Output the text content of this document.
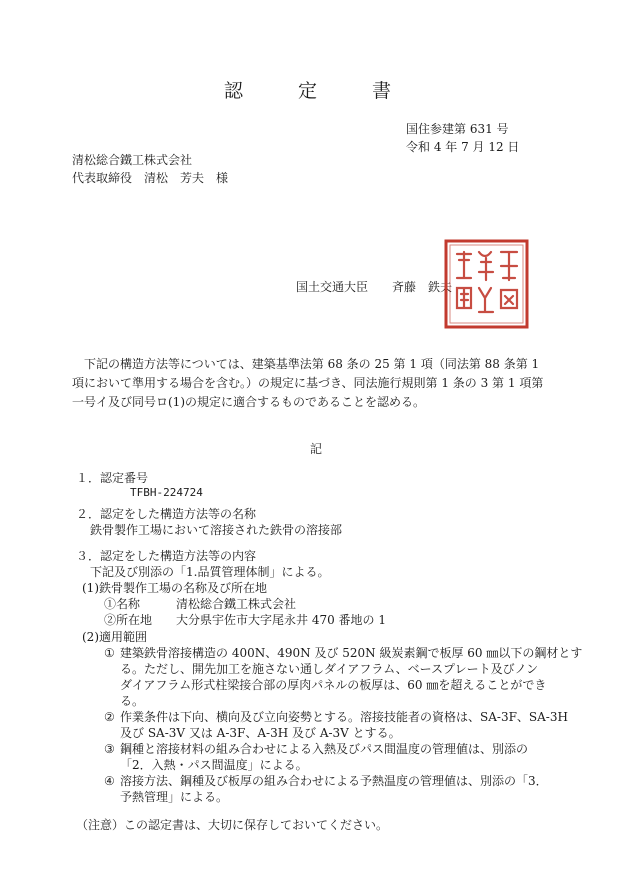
認　定　書
国住参建第 631 号
令和 4 年 7 月 12 日
清松総合鐵工株式会社
代表取締役　清松　芳夫　様
国土交通大臣　　斉藤　鉄夫
下記の構造方法等については、建築基準法第 68 条の 25 第 1 項（同法第 88 条第 1 項において準用する場合を含む。）の規定に基づき、同法施行規則第 1 条の 3 第 1 項第一号イ及び同号ロ(1)の規定に適合するものであることを認める。
記
１．認定番号
TFBH-224724
２．認定をした構造方法等の名称
鉄骨製作工場において溶接された鉄骨の溶接部
３．認定をした構造方法等の内容
下記及び別添の「1.品質管理体制」による。
(1)鉄骨製作工場の名称及び所在地
①名称	清松総合鐵工株式会社
②所在地 大分県宇佐市大字尾永井 470 番地の 1
(2)適用範囲
① 建築鉄骨溶接構造の 400N、490N 及び 520N 級炭素鋼で板厚 60 ㎜以下の鋼材とす
る。ただし、開先加工を施さない通しダイアフラム、ベースプレート及びノン
ダイアフラム形式柱梁接合部の厚肉パネルの板厚は、60 ㎜を超えることができ
る。
② 作業条件は下向、横向及び立向姿勢とする。溶接技能者の資格は、SA-3F、SA-3H
及び SA-3V 又は A-3F、A-3H 及び A-3V とする。
③ 鋼種と溶接材料の組み合わせによる入熱及びパス間温度の管理値は、別添の
「2．入熱・パス間温度」による。
④ 溶接方法、鋼種及び板厚の組み合わせによる予熱温度の管理値は、別添の「3．
予熱管理」による。
（注意）この認定書は、大切に保存しておいてください。
